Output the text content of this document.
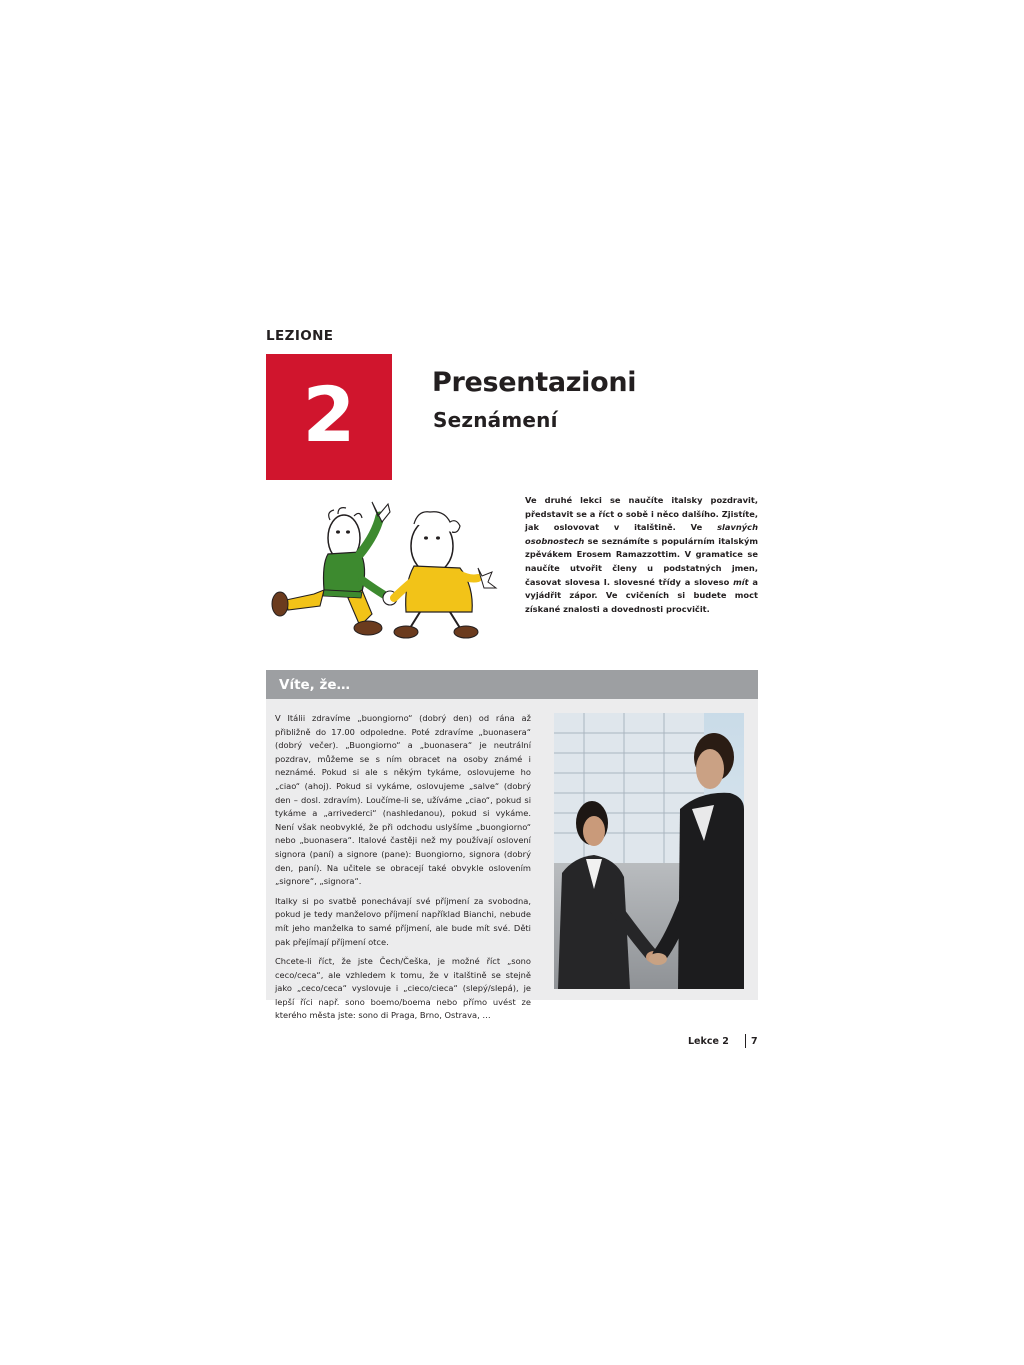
LEZIONE
2	Presentazioni
Seznámení

Ve druhé lekci se naučíte italsky pozdravit, představit se a říct o sobě i něco dalšího. Zjistíte, jak oslovovat v italštině. Ve slavných osobnostech se seznámíte s populárním italským zpěvákem Erosem Ramazzottim. V gramatice se naučíte utvořit členy u podstatných jmen, časovat slovesa I. slovesné třídy a sloveso mít a vyjádřit zápor. Ve cvičeních si budete moct získané znalosti a dovednosti procvičit.

Víte, že…

V Itálii zdravíme „buongiorno“ (dobrý den) od rána až přibližně do 17.00 odpoledne. Poté zdravíme „buonasera“ (dobrý večer). „Buongiorno“ a „buonasera“ je neutrální pozdrav, můžeme se s ním obracet na osoby známé i neznámé. Pokud si ale s někým tykáme, oslovujeme ho „ciao“ (ahoj). Pokud si vykáme, oslovujeme „salve“ (dobrý den – dosl. zdravím). Loučíme-li se, užíváme „ciao“, pokud si tykáme a „arrivederci“ (nashledanou), pokud si vykáme. Není však neobvyklé, že při odchodu uslyšíme „buongiorno“ nebo „buonasera“. Italové častěji než my používají oslovení signora (paní) a signore (pane): Buongiorno, signora (dobrý den, paní). Na učitele se obracejí také obvykle oslovením „signore“, „signora“.

Italky si po svatbě ponechávají své příjmení za svobodna, pokud je tedy manželovo příjmení například Bianchi, nebude mít jeho manželka to samé příjmení, ale bude mít své. Děti pak přejímají příjmení otce.

Chcete-li říct, že jste Čech/Češka, je možné říct „sono ceco/ceca“, ale vzhledem k tomu, že v italštině se stejně jako „ceco/ceca“ vyslovuje i „cieco/cieca“ (slepý/slepá), je lepší říci např. sono boemo/boema nebo přímo uvést ze kterého města jste: sono di Praga, Brno, Ostrava, …

Lekce 2 7
